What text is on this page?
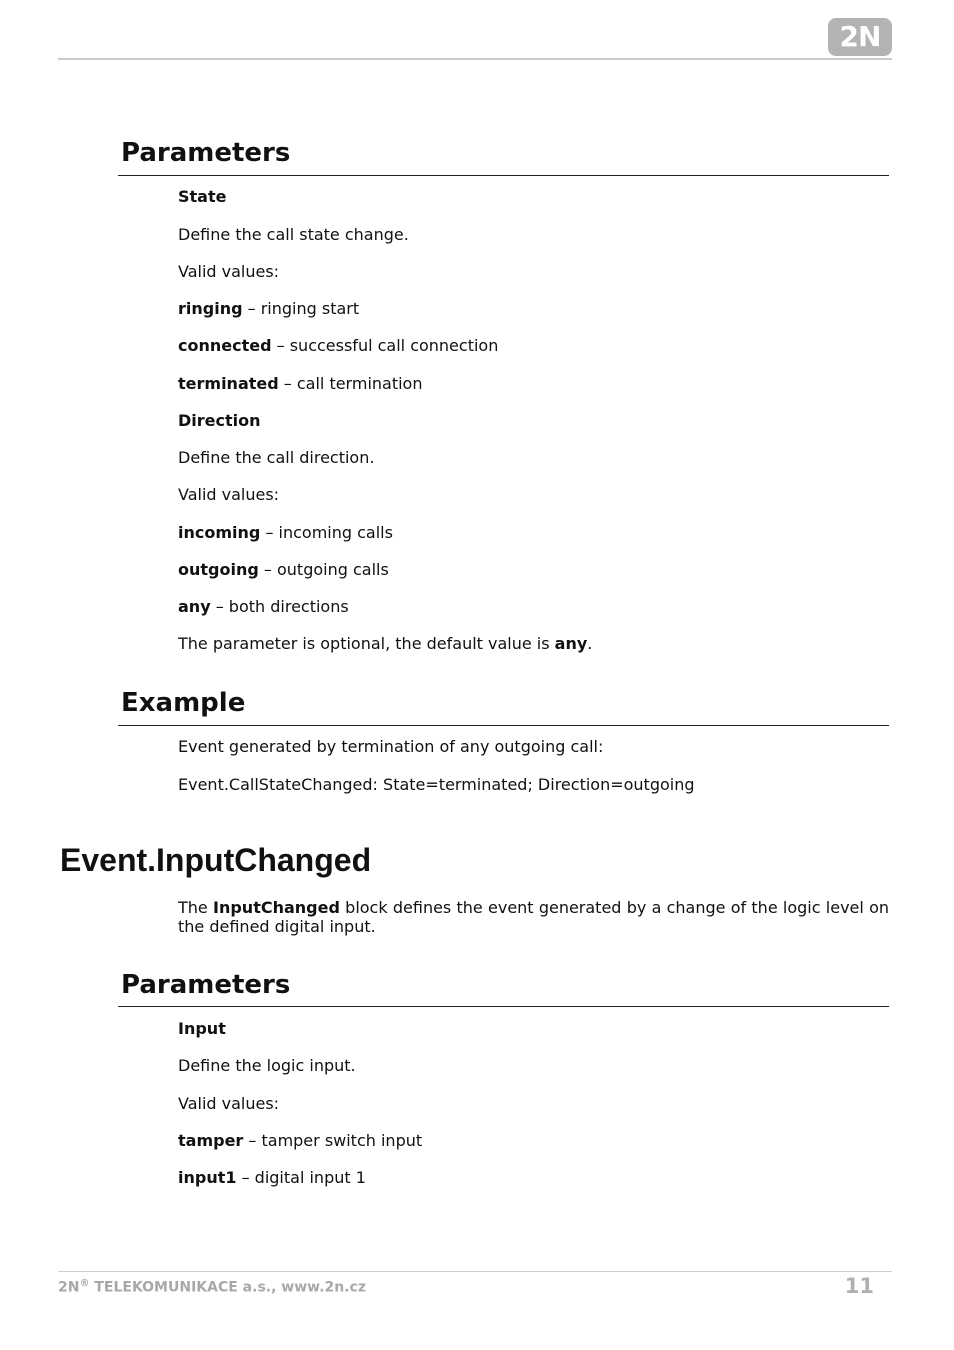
2N
Parameters

State

Define the call state change.

Valid values:

ringing – ringing start

connected – successful call connection

terminated – call termination

Direction

Define the call direction.

Valid values:

incoming – incoming calls

outgoing – outgoing calls

any – both directions

The parameter is optional, the default value is any.

Example

Event generated by termination of any outgoing call:

Event.CallStateChanged: State=terminated; Direction=outgoing

Event.InputChanged

The InputChanged block defines the event generated by a change of the logic level on the defined digital input.

Parameters

Input

Define the logic input.

Valid values:

tamper – tamper switch input

input1 – digital input 1

2N® TELEKOMUNIKACE a.s., www.2n.cz	11
